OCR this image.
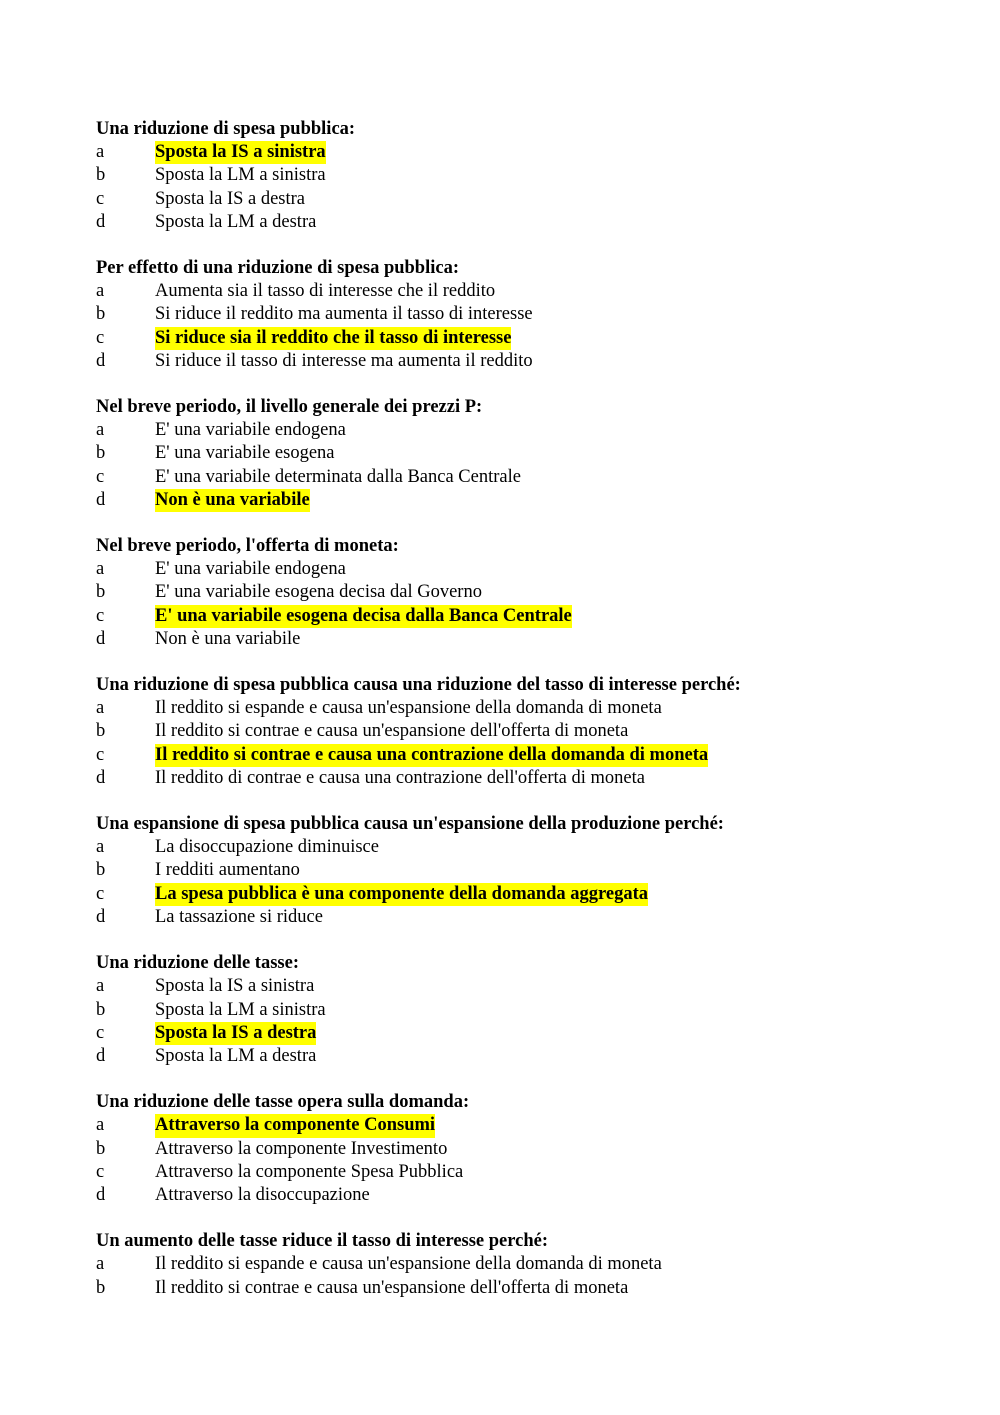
Una riduzione di spesa pubblica:
a	Sposta la IS a sinistra
b	Sposta la LM a sinistra
c	Sposta la IS a destra
d	Sposta la LM a destra
Per effetto di una riduzione di spesa pubblica:
a	Aumenta sia il tasso di interesse che il reddito
b	Si riduce il reddito ma aumenta il tasso di interesse
c	Si riduce sia il reddito che il tasso di interesse
d	Si riduce il tasso di interesse ma aumenta il reddito
Nel breve periodo, il livello generale dei prezzi P:
a	E' una variabile endogena
b	E' una variabile esogena
c	E' una variabile determinata dalla Banca Centrale
d	Non è una variabile
Nel breve periodo, l'offerta di moneta:
a	E' una variabile endogena
b	E' una variabile esogena decisa dal Governo
c	E' una variabile esogena decisa dalla Banca Centrale
d	Non è una variabile
Una riduzione di spesa pubblica causa una riduzione del tasso di interesse perché:
a	Il reddito si espande e causa un'espansione della domanda di moneta
b	Il reddito si contrae e causa un'espansione dell'offerta di moneta
c	Il reddito si contrae e causa una contrazione della domanda di moneta
d	Il reddito di contrae e causa una contrazione dell'offerta di moneta
Una espansione di spesa pubblica causa un'espansione della produzione perché:
a	La disoccupazione diminuisce
b	I redditi aumentano
c	La spesa pubblica è una componente della domanda aggregata
d	La tassazione si riduce
Una riduzione delle tasse:
a	Sposta la IS a sinistra
b	Sposta la LM a sinistra
c	Sposta la IS a destra
d	Sposta la LM a destra
Una riduzione delle tasse opera sulla domanda:
a	Attraverso la componente Consumi
b	Attraverso la componente Investimento
c	Attraverso la componente Spesa Pubblica
d	Attraverso la disoccupazione
Un aumento delle tasse riduce il tasso di interesse perché:
a	Il reddito si espande e causa un'espansione della domanda di moneta
b	Il reddito si contrae e causa un'espansione dell'offerta di moneta
